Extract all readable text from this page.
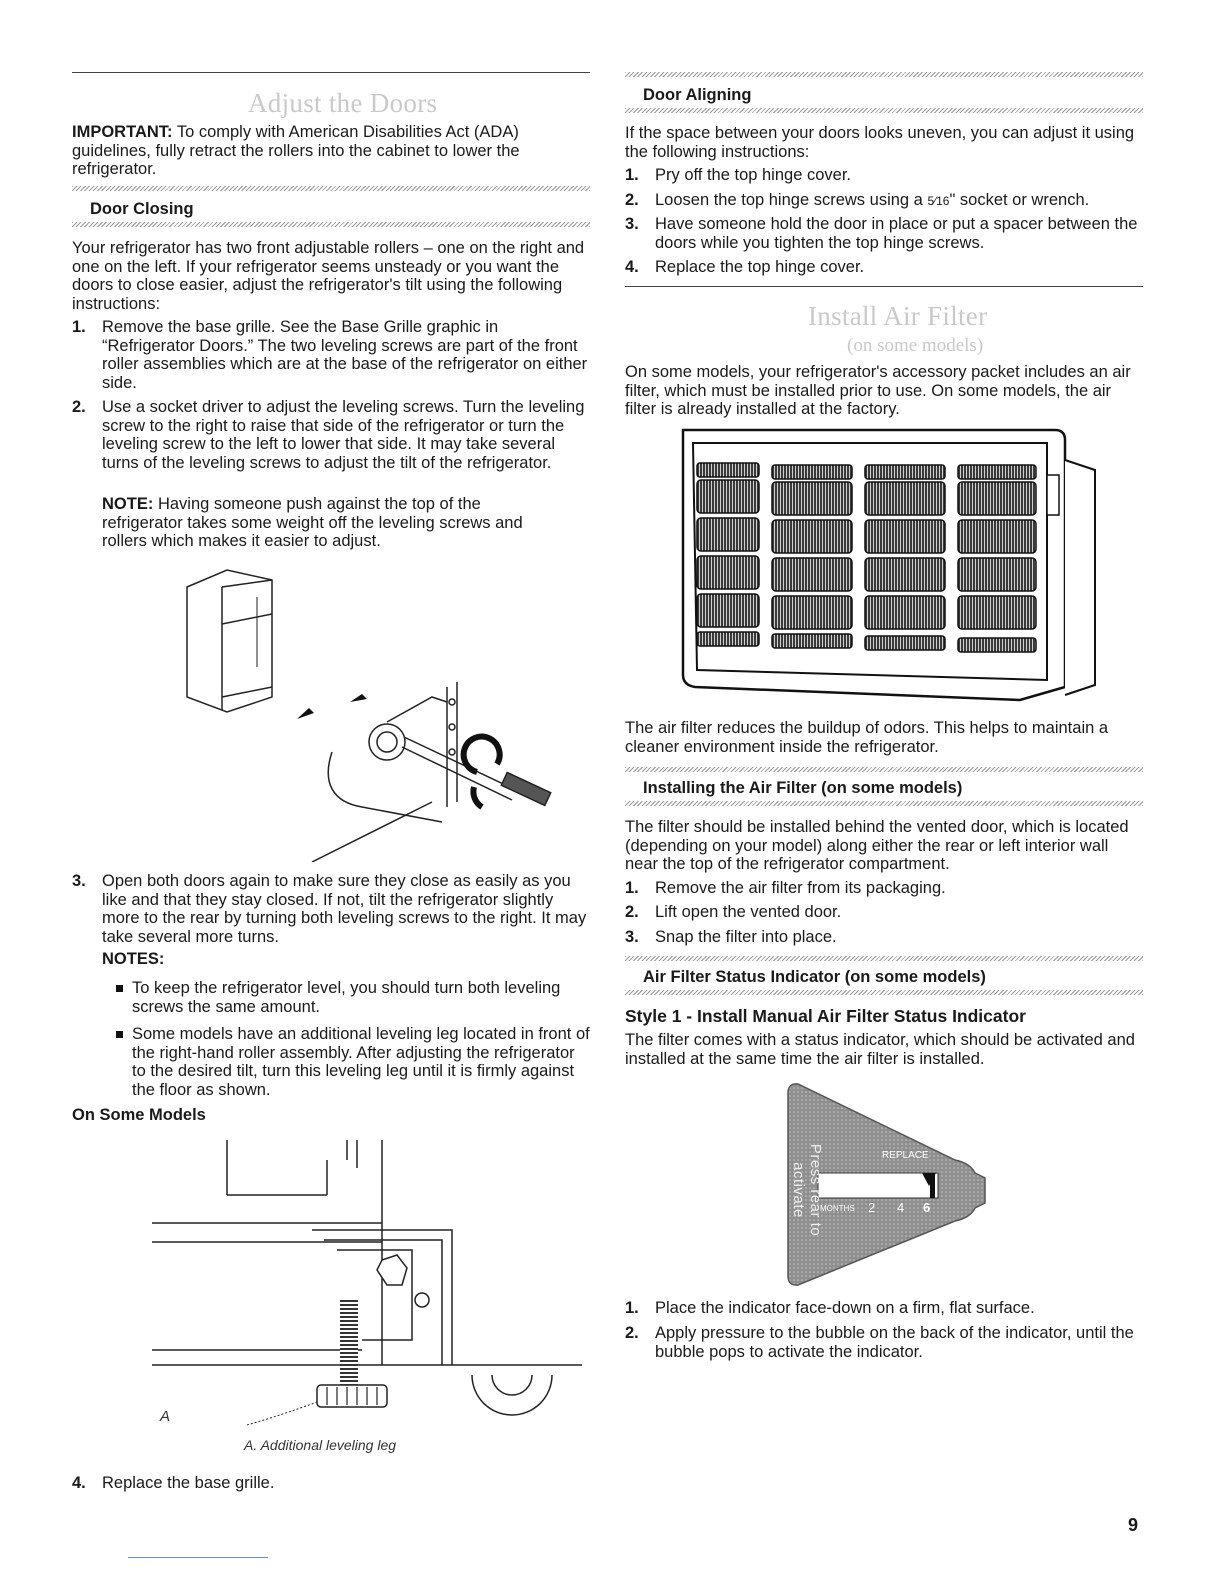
Adjust the Doors
IMPORTANT: To comply with American Disabilities Act (ADA) guidelines, fully retract the rollers into the cabinet to lower the refrigerator.
Door Closing
Your refrigerator has two front adjustable rollers – one on the right and one on the left. If your refrigerator seems unsteady or you want the doors to close easier, adjust the refrigerator's tilt using the following instructions:
1. Remove the base grille. See the Base Grille graphic in “Refrigerator Doors.” The two leveling screws are part of the front roller assemblies which are at the base of the refrigerator on either side.
2. Use a socket driver to adjust the leveling screws. Turn the leveling screw to the right to raise that side of the refrigerator or turn the leveling screw to the left to lower that side. It may take several turns of the leveling screws to adjust the tilt of the refrigerator.
NOTE: Having someone push against the top of the refrigerator takes some weight off the leveling screws and rollers which makes it easier to adjust.
3. Open both doors again to make sure they close as easily as you like and that they stay closed. If not, tilt the refrigerator slightly more to the rear by turning both leveling screws to the right. It may take several more turns.
NOTES:
To keep the refrigerator level, you should turn both leveling screws the same amount.
Some models have an additional leveling leg located in front of the right-hand roller assembly. After adjusting the refrigerator to the desired tilt, turn this leveling leg until it is firmly against the floor as shown.
On Some Models
A
A. Additional leveling leg
4. Replace the base grille.
Door Aligning
If the space between your doors looks uneven, you can adjust it using the following instructions:
1. Pry off the top hinge cover.
2. Loosen the top hinge screws using a 5⁄16" socket or wrench.
3. Have someone hold the door in place or put a spacer between the doors while you tighten the top hinge screws.
4. Replace the top hinge cover.
Install Air Filter
(on some models)
On some models, your refrigerator's accessory packet includes an air filter, which must be installed prior to use. On some models, the air filter is already installed at the factory.
The air filter reduces the buildup of odors. This helps to maintain a cleaner environment inside the refrigerator.
Installing the Air Filter (on some models)
The filter should be installed behind the vented door, which is located (depending on your model) along either the rear or left interior wall near the top of the refrigerator compartment.
1. Remove the air filter from its packaging.
2. Lift open the vented door.
3. Snap the filter into place.
Air Filter Status Indicator (on some models)
Style 1 - Install Manual Air Filter Status Indicator
The filter comes with a status indicator, which should be activated and installed at the same time the air filter is installed.
Press rear to activate
REPLACE
MONTHS 2 4 6
1. Place the indicator face-down on a firm, flat surface.
2. Apply pressure to the bubble on the back of the indicator, until the bubble pops to activate the indicator.
9
